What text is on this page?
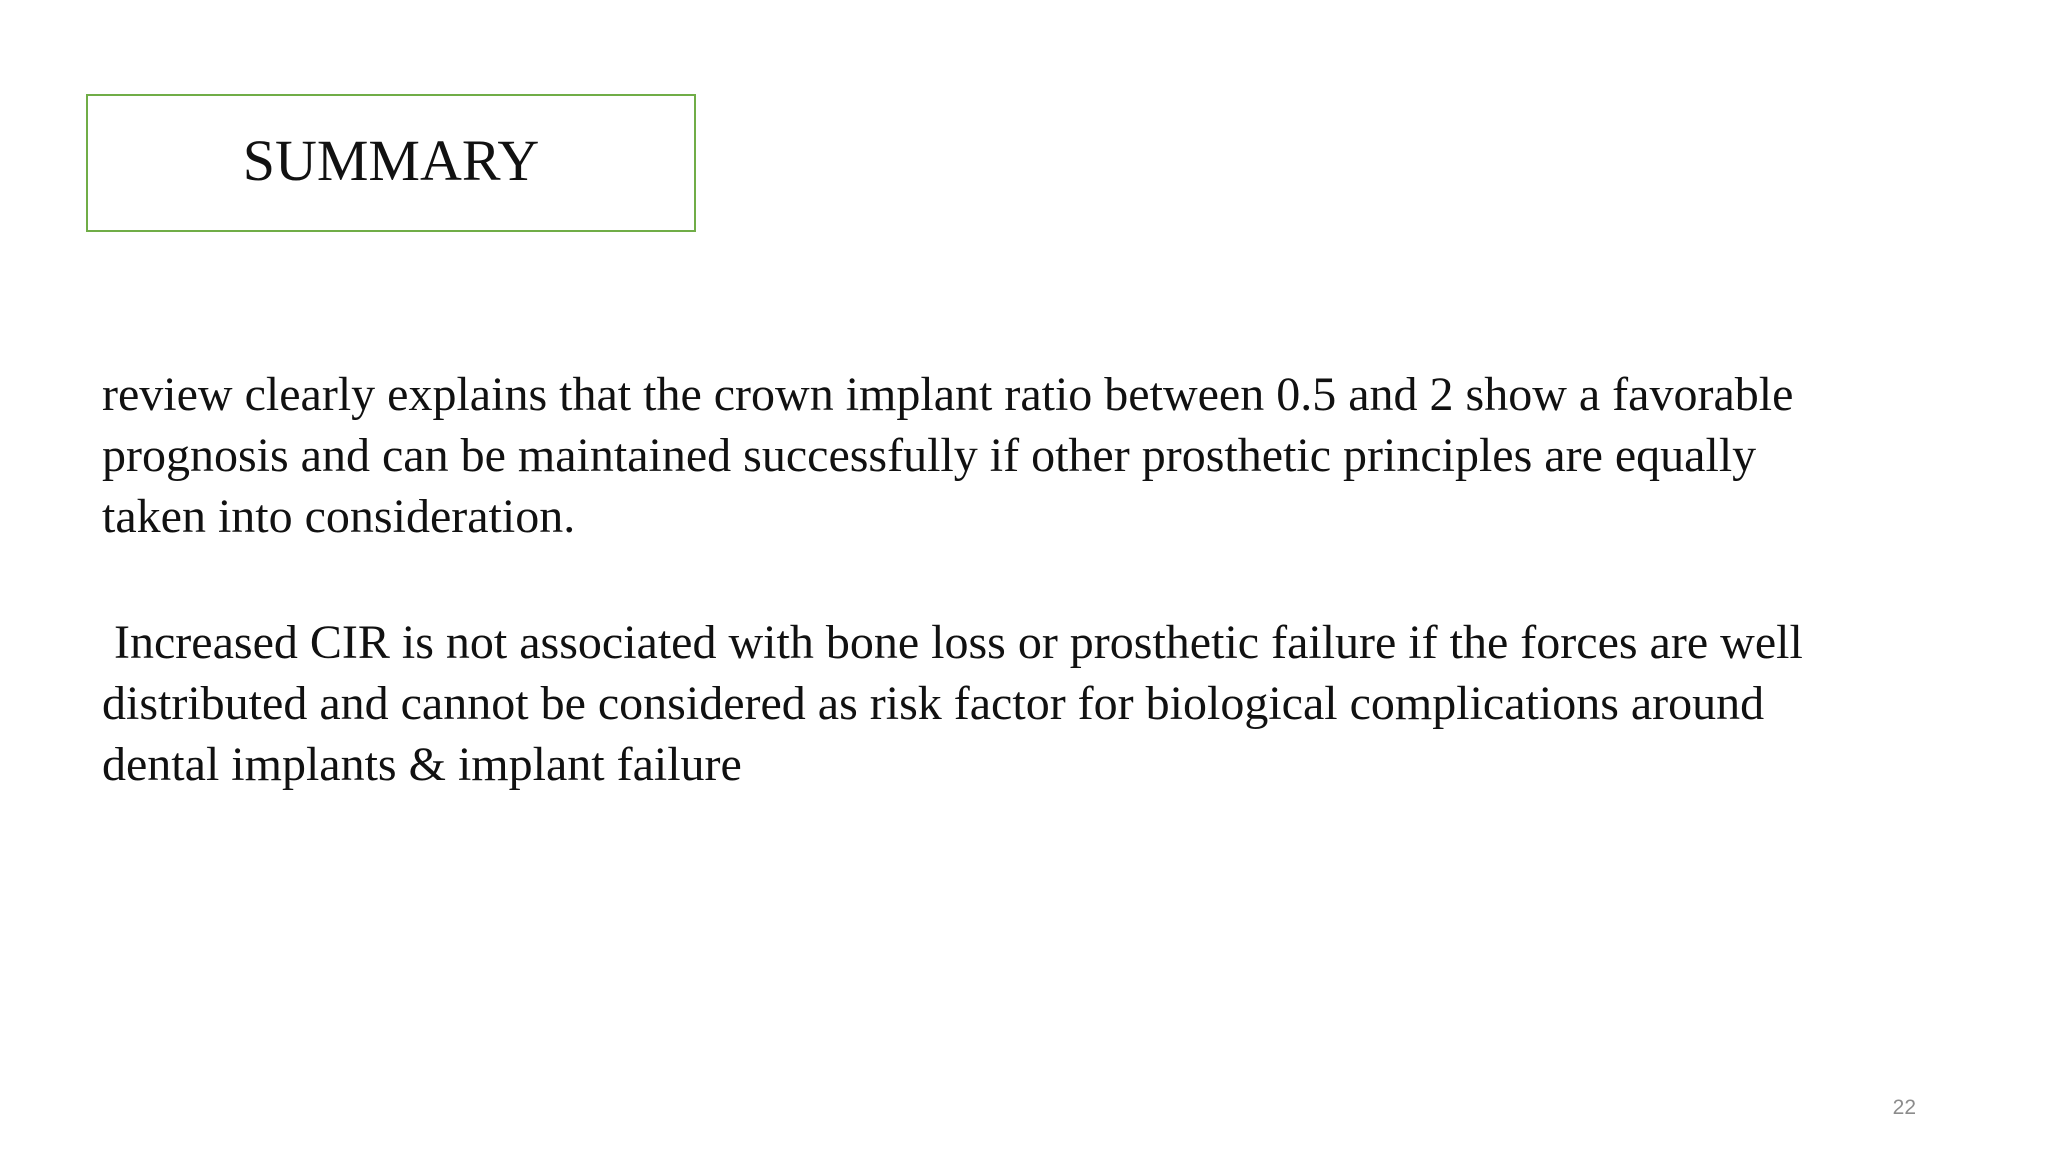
SUMMARY
review clearly explains that the crown implant ratio between 0.5 and 2 show a favorable
prognosis and can be maintained successfully if other prosthetic principles are equally
taken into consideration.
Increased CIR is not associated with bone loss or prosthetic failure if the forces are well
distributed and cannot be considered as risk factor for biological complications around
dental implants & implant failure
22
